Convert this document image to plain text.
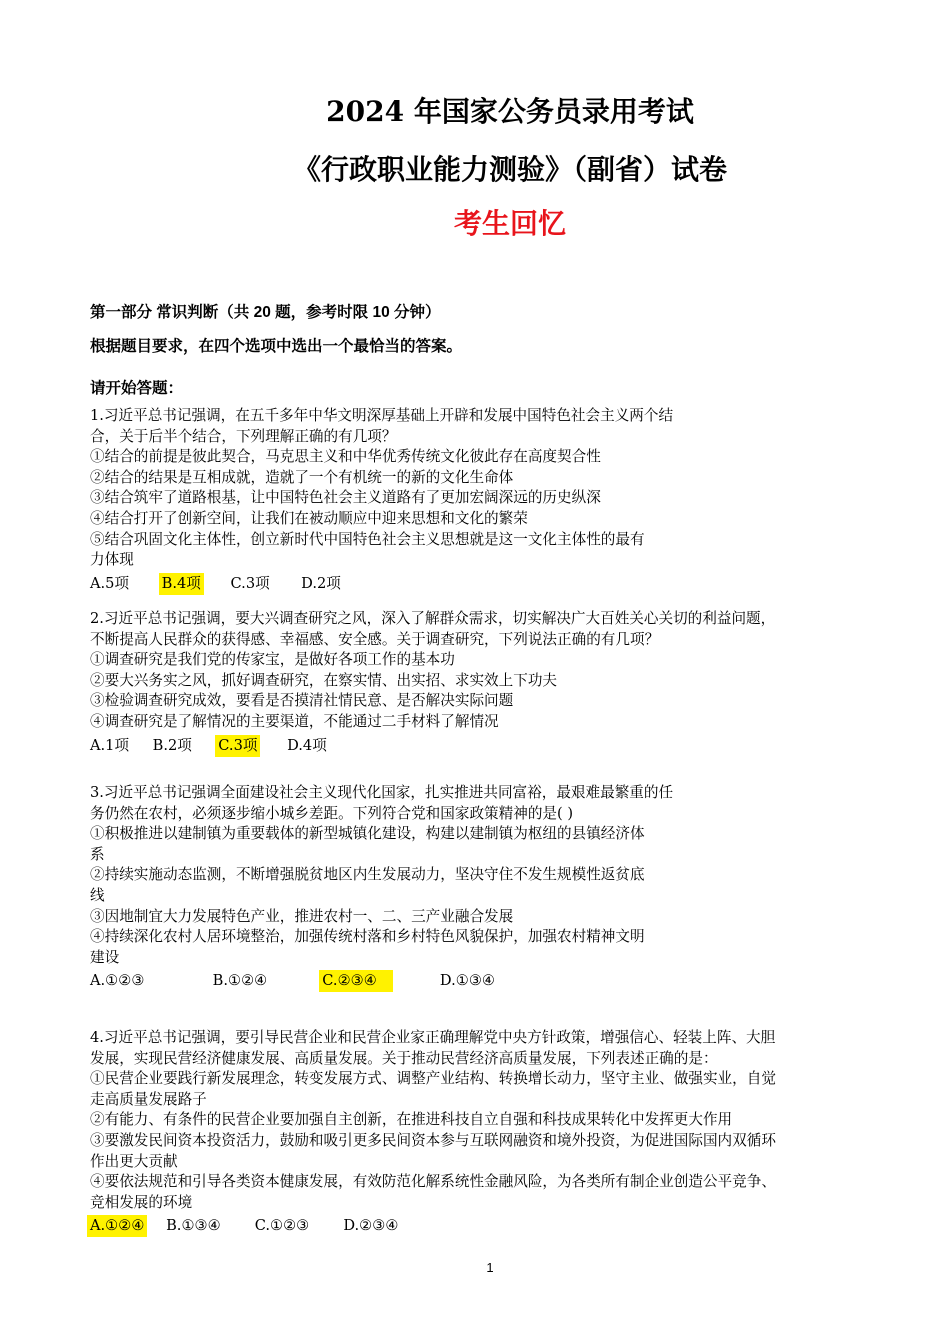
2024 年国家公务员录用考试
《行政职业能力测验》（副省）试卷
考生回忆
第一部分 常识判断（共 20 题，参考时限 10 分钟）
根据题目要求，在四个选项中选出一个最恰当的答案。
请开始答题：
1.习近平总书记强调，在五千多年中华文明深厚基础上开辟和发展中国特色社会主义两个结
合，关于后半个结合，下列理解正确的有几项？
①结合的前提是彼此契合，马克思主义和中华优秀传统文化彼此存在高度契合性
②结合的结果是互相成就，造就了一个有机统一的新的文化生命体
③结合筑牢了道路根基，让中国特色社会主义道路有了更加宏阔深远的历史纵深
④结合打开了创新空间，让我们在被动顺应中迎来思想和文化的繁荣
⑤结合巩固文化主体性，创立新时代中国特色社会主义思想就是这一文化主体性的最有
力体现
A.5项 B.4项 C.3项 D.2项
2.习近平总书记强调，要大兴调查研究之风，深入了解群众需求，切实解决广大百姓关心关切的利益问题，
不断提高人民群众的获得感、幸福感、安全感。关于调查研究，下列说法正确的有几项？
①调查研究是我们党的传家宝，是做好各项工作的基本功
②要大兴务实之风，抓好调查研究，在察实情、出实招、求实效上下功夫
③检验调查研究成效，要看是否摸清社情民意、是否解决实际问题
④调查研究是了解情况的主要渠道，不能通过二手材料了解情况
A.1项 B.2项 C.3项 D.4项
3.习近平总书记强调全面建设社会主义现代化国家，扎实推进共同富裕，最艰难最繁重的任
务仍然在农村，必须逐步缩小城乡差距。下列符合党和国家政策精神的是( )
①积极推进以建制镇为重要载体的新型城镇化建设，构建以建制镇为枢纽的县镇经济体
系
②持续实施动态监测，不断增强脱贫地区内生发展动力，坚决守住不发生规模性返贫底
线
③因地制宜大力发展特色产业，推进农村一、二、三产业融合发展
④持续深化农村人居环境整治，加强传统村落和乡村特色风貌保护，加强农村精神文明
建设
A.①②③	B.①②④	C.②③④	D.①③④
4.习近平总书记强调，要引导民营企业和民营企业家正确理解党中央方针政策，增强信心、轻装上阵、大胆
发展，实现民营经济健康发展、高质量发展。关于推动民营经济高质量发展，下列表述正确的是：
①民营企业要践行新发展理念，转变发展方式、调整产业结构、转换增长动力，坚守主业、做强实业，自觉
走高质量发展路子
②有能力、有条件的民营企业要加强自主创新，在推进科技自立自强和科技成果转化中发挥更大作用
③要激发民间资本投资活力，鼓励和吸引更多民间资本参与互联网融资和境外投资，为促进国际国内双循环
作出更大贡献
④要依法规范和引导各类资本健康发展，有效防范化解系统性金融风险，为各类所有制企业创造公平竞争、
竞相发展的环境
A.①②④ B.①③④ C.①②③ D.②③④
1
